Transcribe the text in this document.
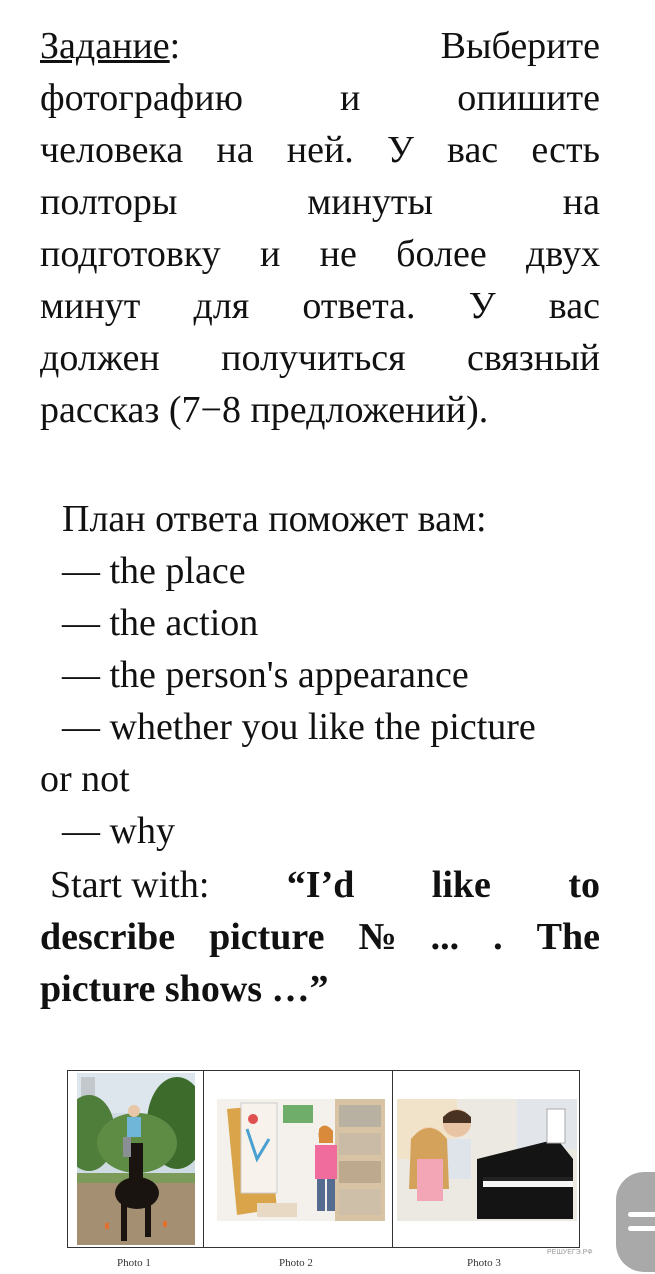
Задание:	Выберите
фотографию	и	опишите
человека на ней. У вас есть
полторы	минуты	на
подготовку и не более двух
минут для ответа. У вас
должен получиться связный
рассказ (7−8 предложений).
План ответа поможет вам:
— the place
— the action
— the person's appearance
— whether you like the picture
or not
— why
Start with: “I’d like to
describe picture № ... . The
picture shows …”
Photo 1	Photo 2	Photo 3
РЕШУЕГЭ.РФ
